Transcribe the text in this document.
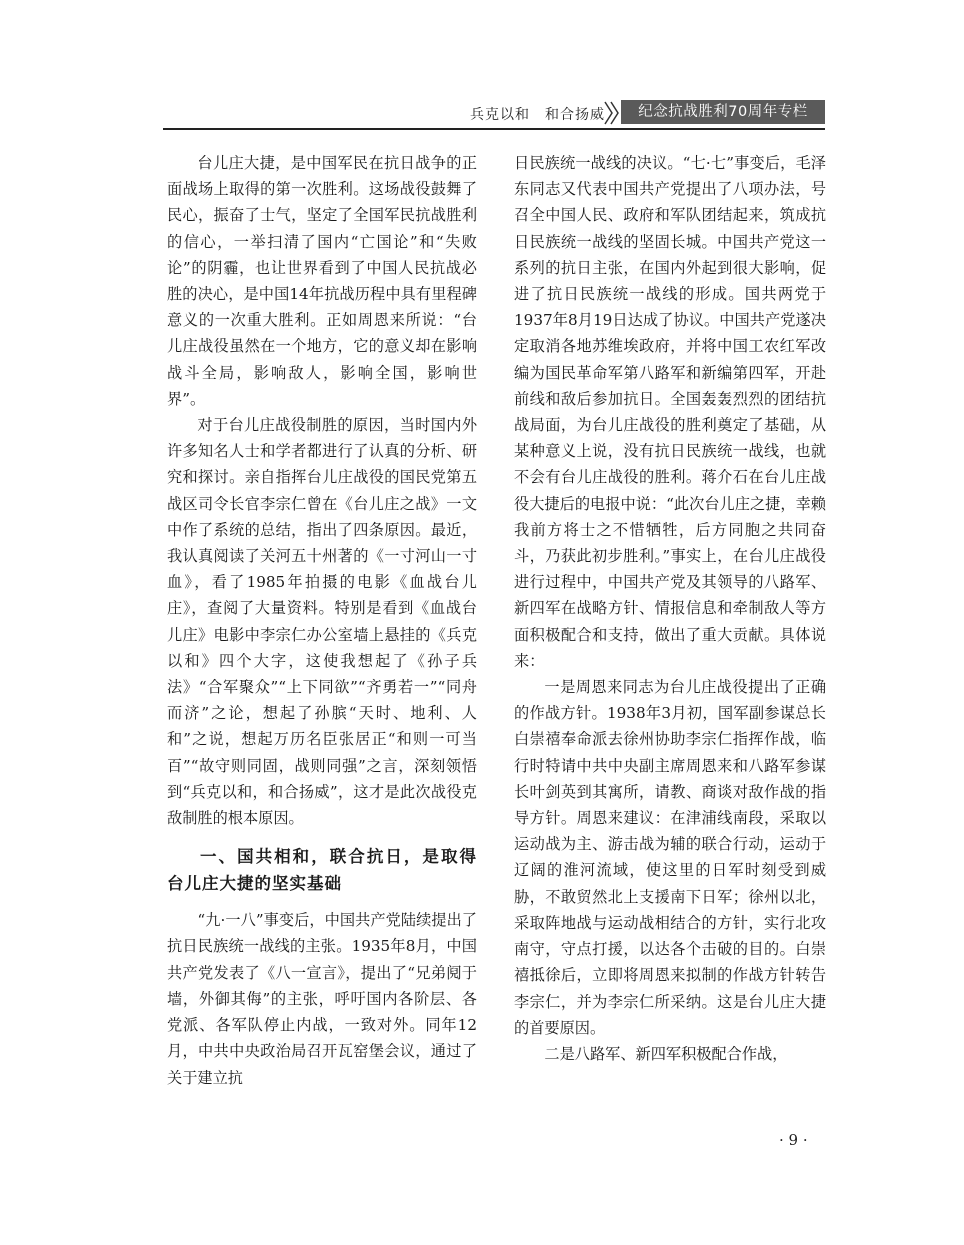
兵克以和　和合扬威	纪念抗战胜利70周年专栏

台儿庄大捷，是中国军民在抗日战争的正面战场上取得的第一次胜利。这场战役鼓舞了民心，振奋了士气，坚定了全国军民抗战胜利的信心，一举扫清了国内“亡国论”和“失败论”的阴霾，也让世界看到了中国人民抗战必胜的决心，是中国14年抗战历程中具有里程碑意义的一次重大胜利。正如周恩来所说：“台儿庄战役虽然在一个地方，它的意义却在影响战斗全局，影响敌人，影响全国，影响世界”。

对于台儿庄战役制胜的原因，当时国内外许多知名人士和学者都进行了认真的分析、研究和探讨。亲自指挥台儿庄战役的国民党第五战区司令长官李宗仁曾在《台儿庄之战》一文中作了系统的总结，指出了四条原因。最近，我认真阅读了关河五十州著的《一寸河山一寸血》，看了1985年拍摄的电影《血战台儿庄》，查阅了大量资料。特别是看到《血战台儿庄》电影中李宗仁办公室墙上悬挂的《兵克以和》四个大字，这使我想起了《孙子兵法》“合军聚众”“上下同欲”“齐勇若一”“同舟而济”之论，想起了孙膑“天时、地利、人和”之说，想起万历名臣张居正“和则一可当百”“故守则同固，战则同强”之言，深刻领悟到“兵克以和，和合扬威”，这才是此次战役克敌制胜的根本原因。

一、国共相和，联合抗日，是取得台儿庄大捷的坚实基础

“九·一八”事变后，中国共产党陆续提出了抗日民族统一战线的主张。1935年8月，中国共产党发表了《八一宣言》，提出了“兄弟阋于墙，外御其侮”的主张，呼吁国内各阶层、各党派、各军队停止内战，一致对外。同年12月，中共中央政治局召开瓦窑堡会议，通过了关于建立抗

日民族统一战线的决议。“七·七”事变后，毛泽东同志又代表中国共产党提出了八项办法，号召全中国人民、政府和军队团结起来，筑成抗日民族统一战线的坚固长城。中国共产党这一系列的抗日主张，在国内外起到很大影响，促进了抗日民族统一战线的形成。国共两党于1937年8月19日达成了协议。中国共产党遂决定取消各地苏维埃政府，并将中国工农红军改编为国民革命军第八路军和新编第四军，开赴前线和敌后参加抗日。全国轰轰烈烈的团结抗战局面，为台儿庄战役的胜利奠定了基础，从某种意义上说，没有抗日民族统一战线，也就不会有台儿庄战役的胜利。蒋介石在台儿庄战役大捷后的电报中说：“此次台儿庄之捷，幸赖我前方将士之不惜牺牲，后方同胞之共同奋斗，乃获此初步胜利。”事实上，在台儿庄战役进行过程中，中国共产党及其领导的八路军、新四军在战略方针、情报信息和牵制敌人等方面积极配合和支持，做出了重大贡献。具体说来：

一是周恩来同志为台儿庄战役提出了正确的作战方针。1938年3月初，国军副参谋总长白崇禧奉命派去徐州协助李宗仁指挥作战，临行时特请中共中央副主席周恩来和八路军参谋长叶剑英到其寓所，请教、商谈对敌作战的指导方针。周恩来建议：在津浦线南段，采取以运动战为主、游击战为辅的联合行动，运动于辽阔的淮河流域，使这里的日军时刻受到威胁，不敢贸然北上支援南下日军；徐州以北，采取阵地战与运动战相结合的方针，实行北攻南守，守点打援，以达各个击破的目的。白崇禧抵徐后，立即将周恩来拟制的作战方针转告李宗仁，并为李宗仁所采纳。这是台儿庄大捷的首要原因。

二是八路军、新四军积极配合作战，

· 9 ·
